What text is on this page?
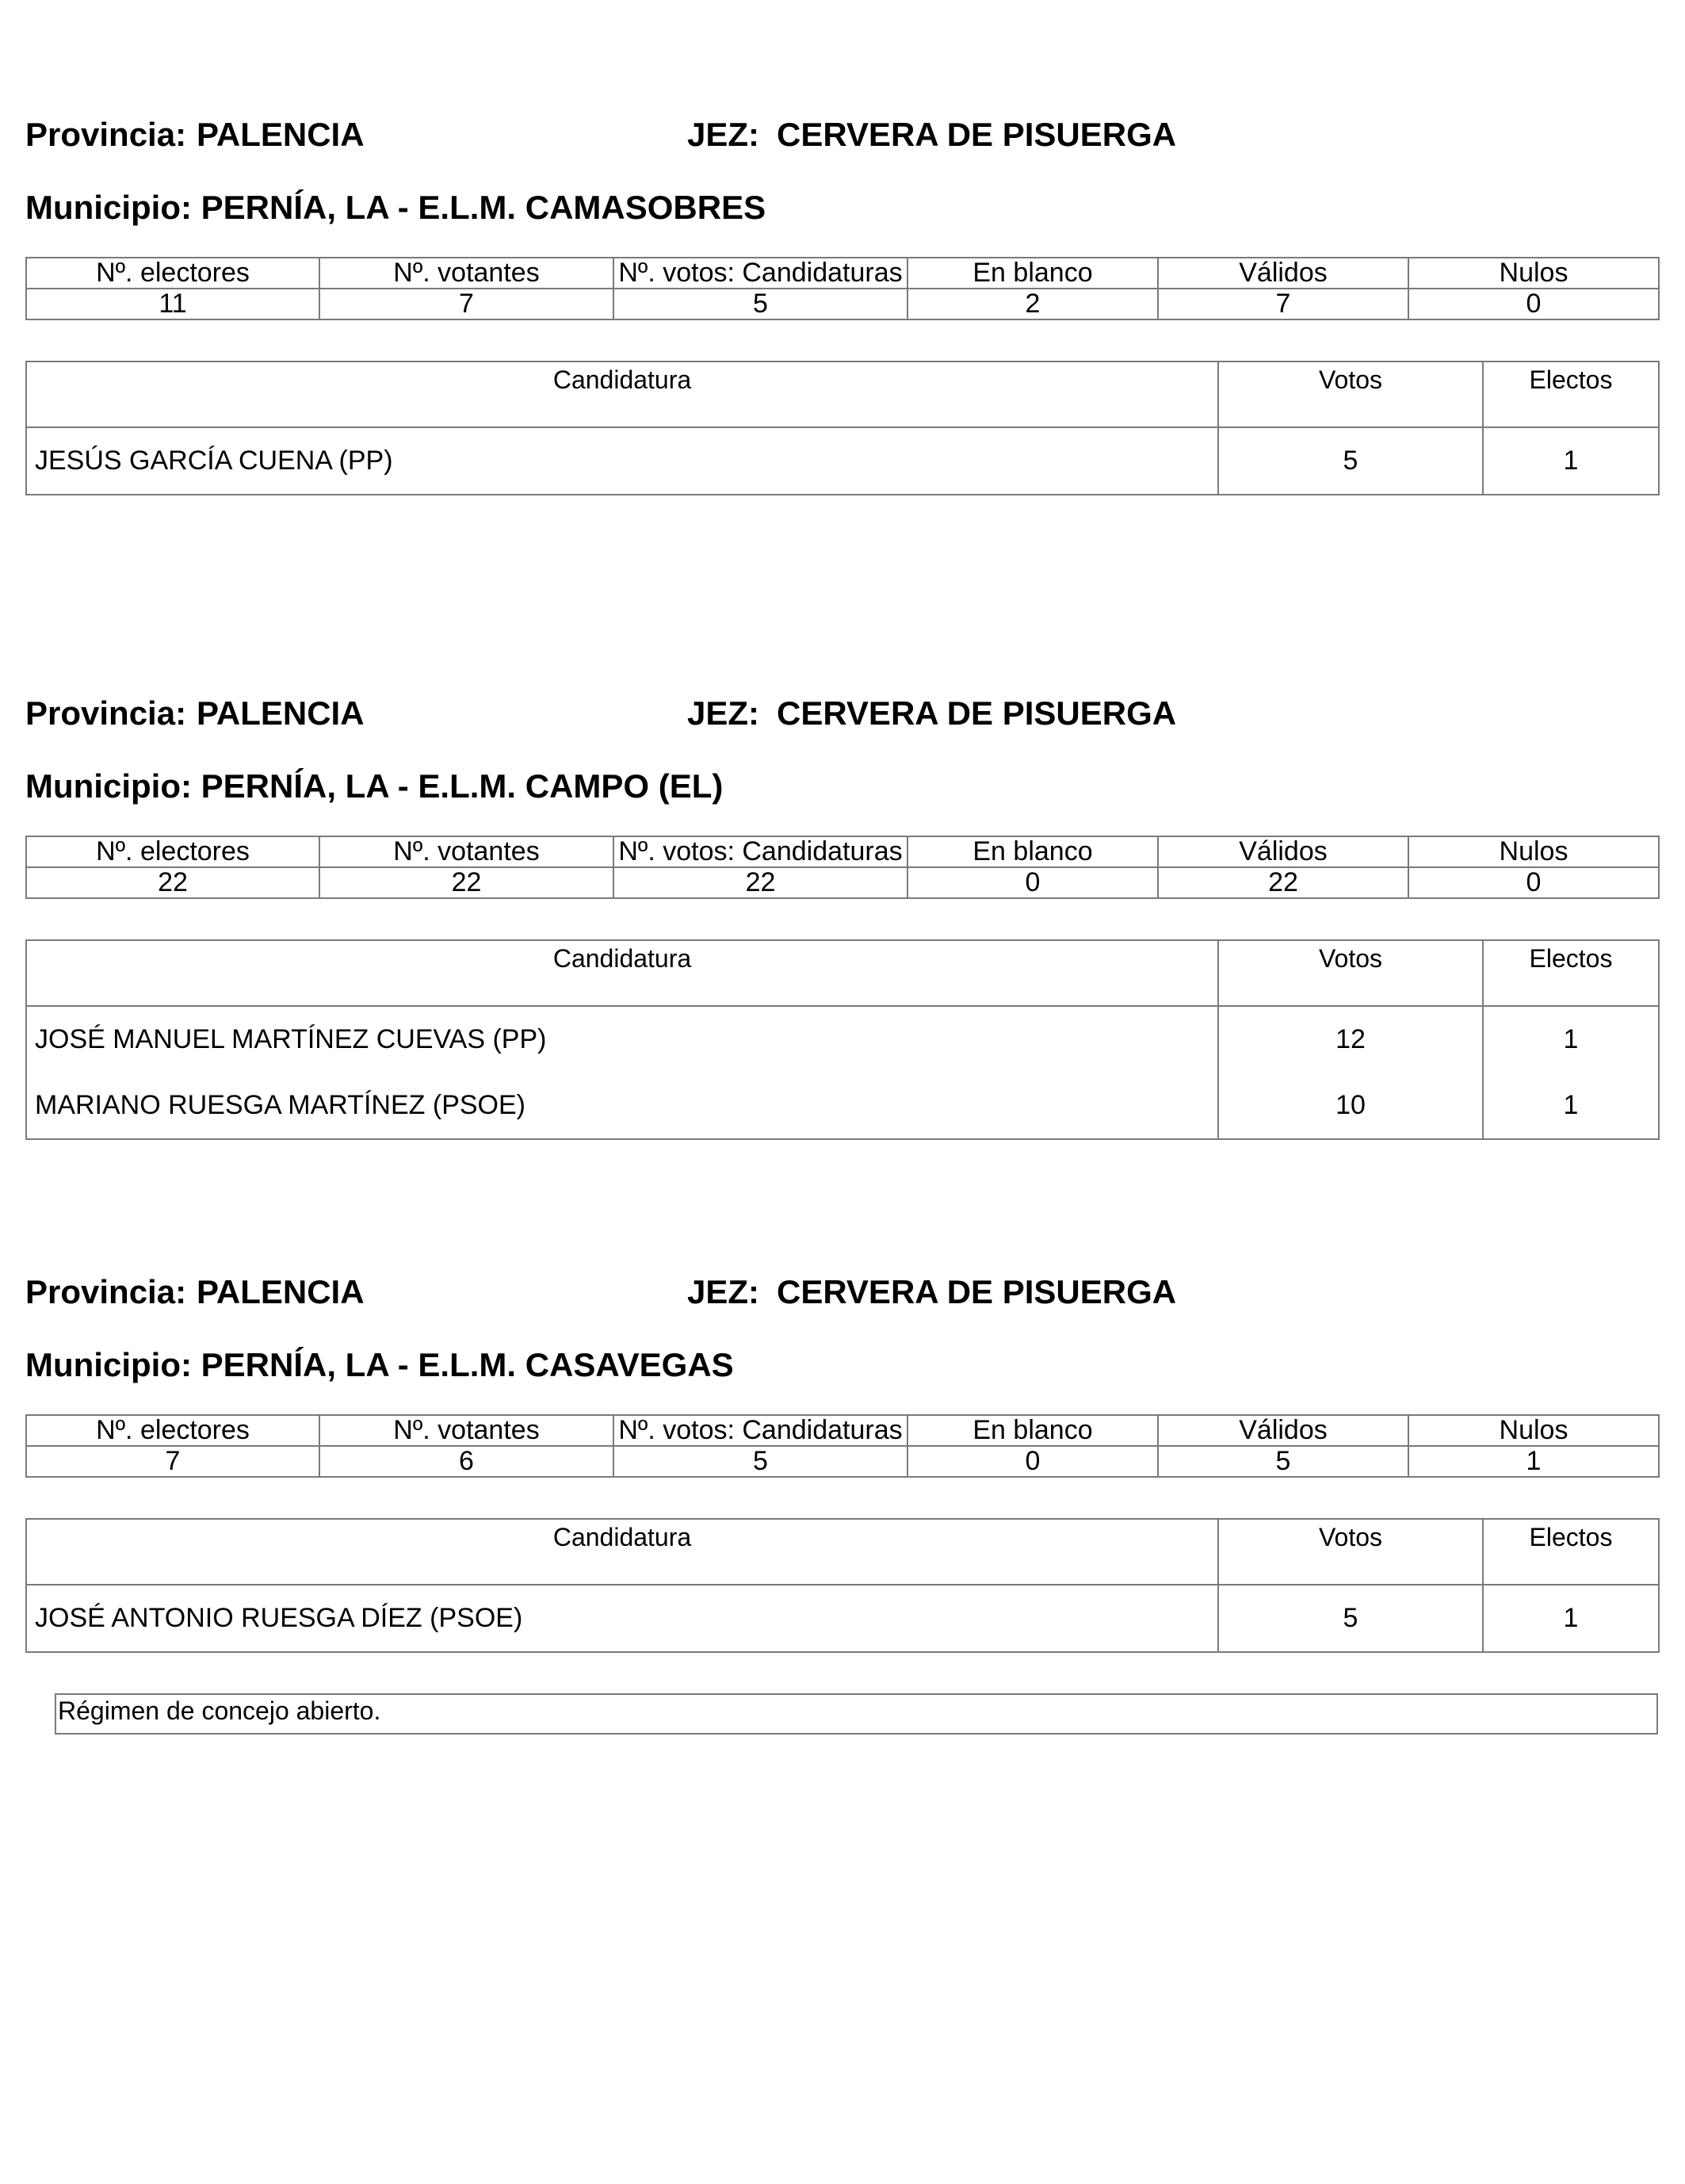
Provincia: PALENCIA	JEZ: CERVERA DE PISUERGA
Municipio: PERNÍA, LA - E.L.M. CAMASOBRES
Nº. electores	Nº. votantes	Nº. votos: Candidaturas	En blanco	Válidos	Nulos
11	7	5	2	7	0
Candidatura	Votos	Electos
JESÚS GARCÍA CUENA (PP)	5	1
Provincia: PALENCIA	JEZ: CERVERA DE PISUERGA
Municipio: PERNÍA, LA - E.L.M. CAMPO (EL)
Nº. electores	Nº. votantes	Nº. votos: Candidaturas	En blanco	Válidos	Nulos
22	22	22	0	22	0
Candidatura	Votos	Electos
JOSÉ MANUEL MARTÍNEZ CUEVAS (PP)	12	1
MARIANO RUESGA MARTÍNEZ (PSOE)	10	1
Provincia: PALENCIA	JEZ: CERVERA DE PISUERGA
Municipio: PERNÍA, LA - E.L.M. CASAVEGAS
Nº. electores	Nº. votantes	Nº. votos: Candidaturas	En blanco	Válidos	Nulos
7	6	5	0	5	1
Candidatura	Votos	Electos
JOSÉ ANTONIO RUESGA DÍEZ (PSOE)	5	1
Régimen de concejo abierto.
